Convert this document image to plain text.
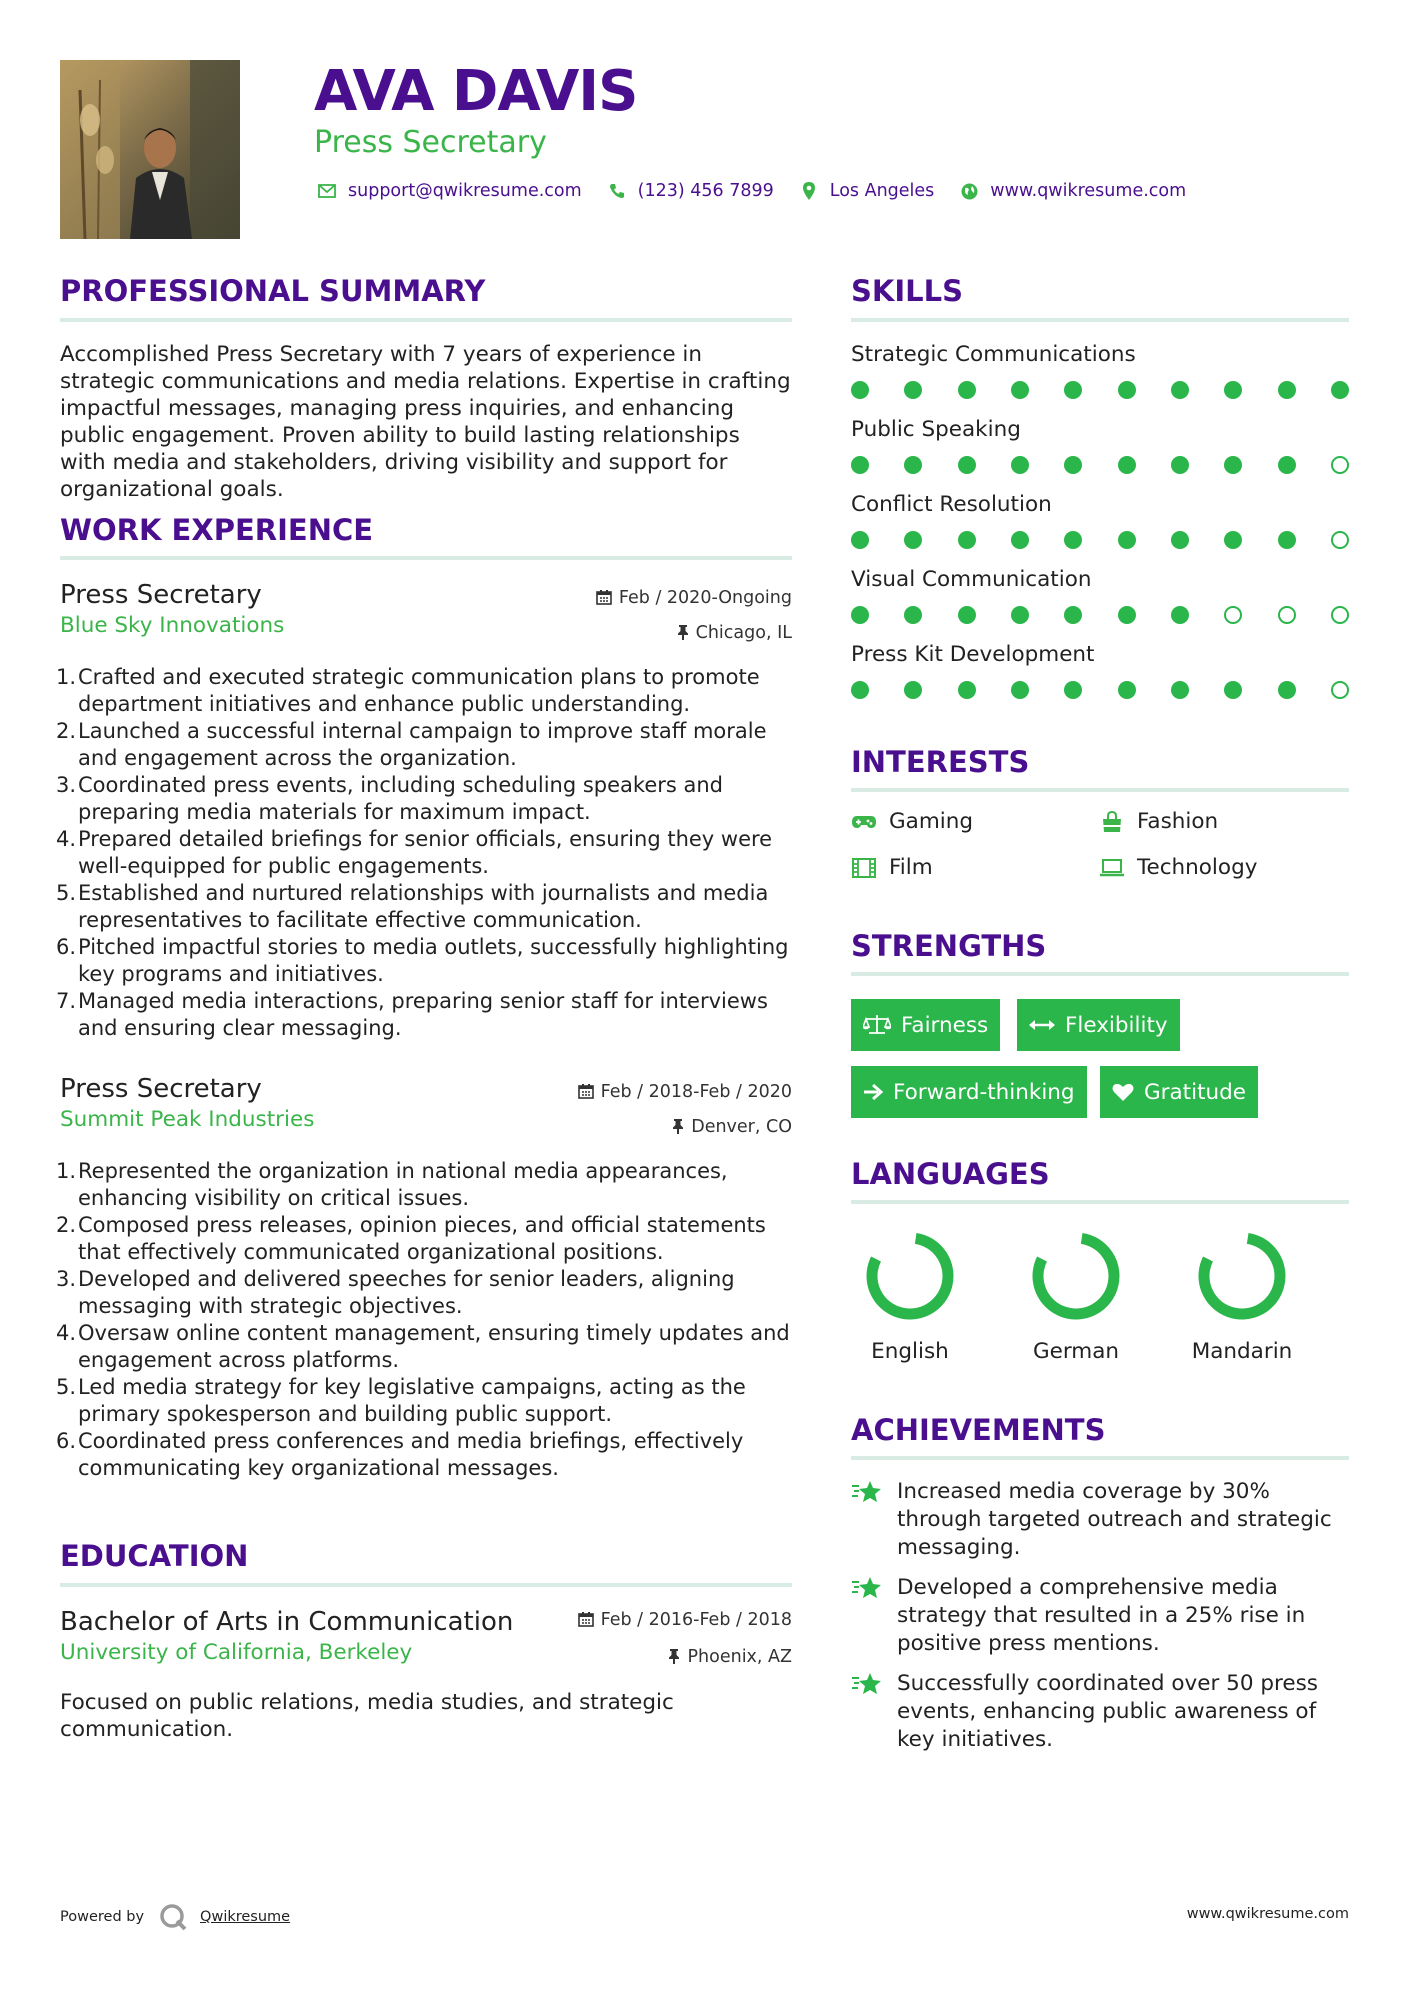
AVA DAVIS
Press Secretary
support@qwikresume.com	(123) 456 7899	Los Angeles	www.qwikresume.com
PROFESSIONAL SUMMARY

Accomplished Press Secretary with 7 years of experience in strategic communications and media relations. Expertise in crafting impactful messages, managing press inquiries, and enhancing public engagement. Proven ability to build lasting relationships with media and stakeholders, driving visibility and support for organizational goals.

WORK EXPERIENCE
Press Secretary
Blue Sky Innovations
Feb / 2020-Ongoing
Chicago, IL
1. Crafted and executed strategic communication plans to promote department initiatives and enhance public understanding.
2. Launched a successful internal campaign to improve staff morale and engagement across the organization.
3. Coordinated press events, including scheduling speakers and preparing media materials for maximum impact.
4. Prepared detailed briefings for senior officials, ensuring they were well-equipped for public engagements.
5. Established and nurtured relationships with journalists and media representatives to facilitate effective communication.
6. Pitched impactful stories to media outlets, successfully highlighting key programs and initiatives.
7. Managed media interactions, preparing senior staff for interviews and ensuring clear messaging.
Press Secretary
Summit Peak Industries
Feb / 2018-Feb / 2020
Denver, CO
1. Represented the organization in national media appearances, enhancing visibility on critical issues.
2. Composed press releases, opinion pieces, and official statements that effectively communicated organizational positions.
3. Developed and delivered speeches for senior leaders, aligning messaging with strategic objectives.
4. Oversaw online content management, ensuring timely updates and engagement across platforms.
5. Led media strategy for key legislative campaigns, acting as the primary spokesperson and building public support.
6. Coordinated press conferences and media briefings, effectively communicating key organizational messages.
EDUCATION
Bachelor of Arts in Communication
University of California, Berkeley
Feb / 2016-Feb / 2018
Phoenix, AZ

Focused on public relations, media studies, and strategic communication.

SKILLS
Strategic Communications
Public Speaking
Conflict Resolution
Visual Communication
Press Kit Development
INTERESTS
Gaming	Fashion
Film	Technology
STRENGTHS
Fairness	Flexibility
Forward-thinking	Gratitude
LANGUAGES
English	German	Mandarin
ACHIEVEMENTS
Increased media coverage by 30% through targeted outreach and strategic messaging.
Developed a comprehensive media strategy that resulted in a 25% rise in positive press mentions.
Successfully coordinated over 50 press events, enhancing public awareness of key initiatives.
Powered by	Qwikresume	www.qwikresume.com
